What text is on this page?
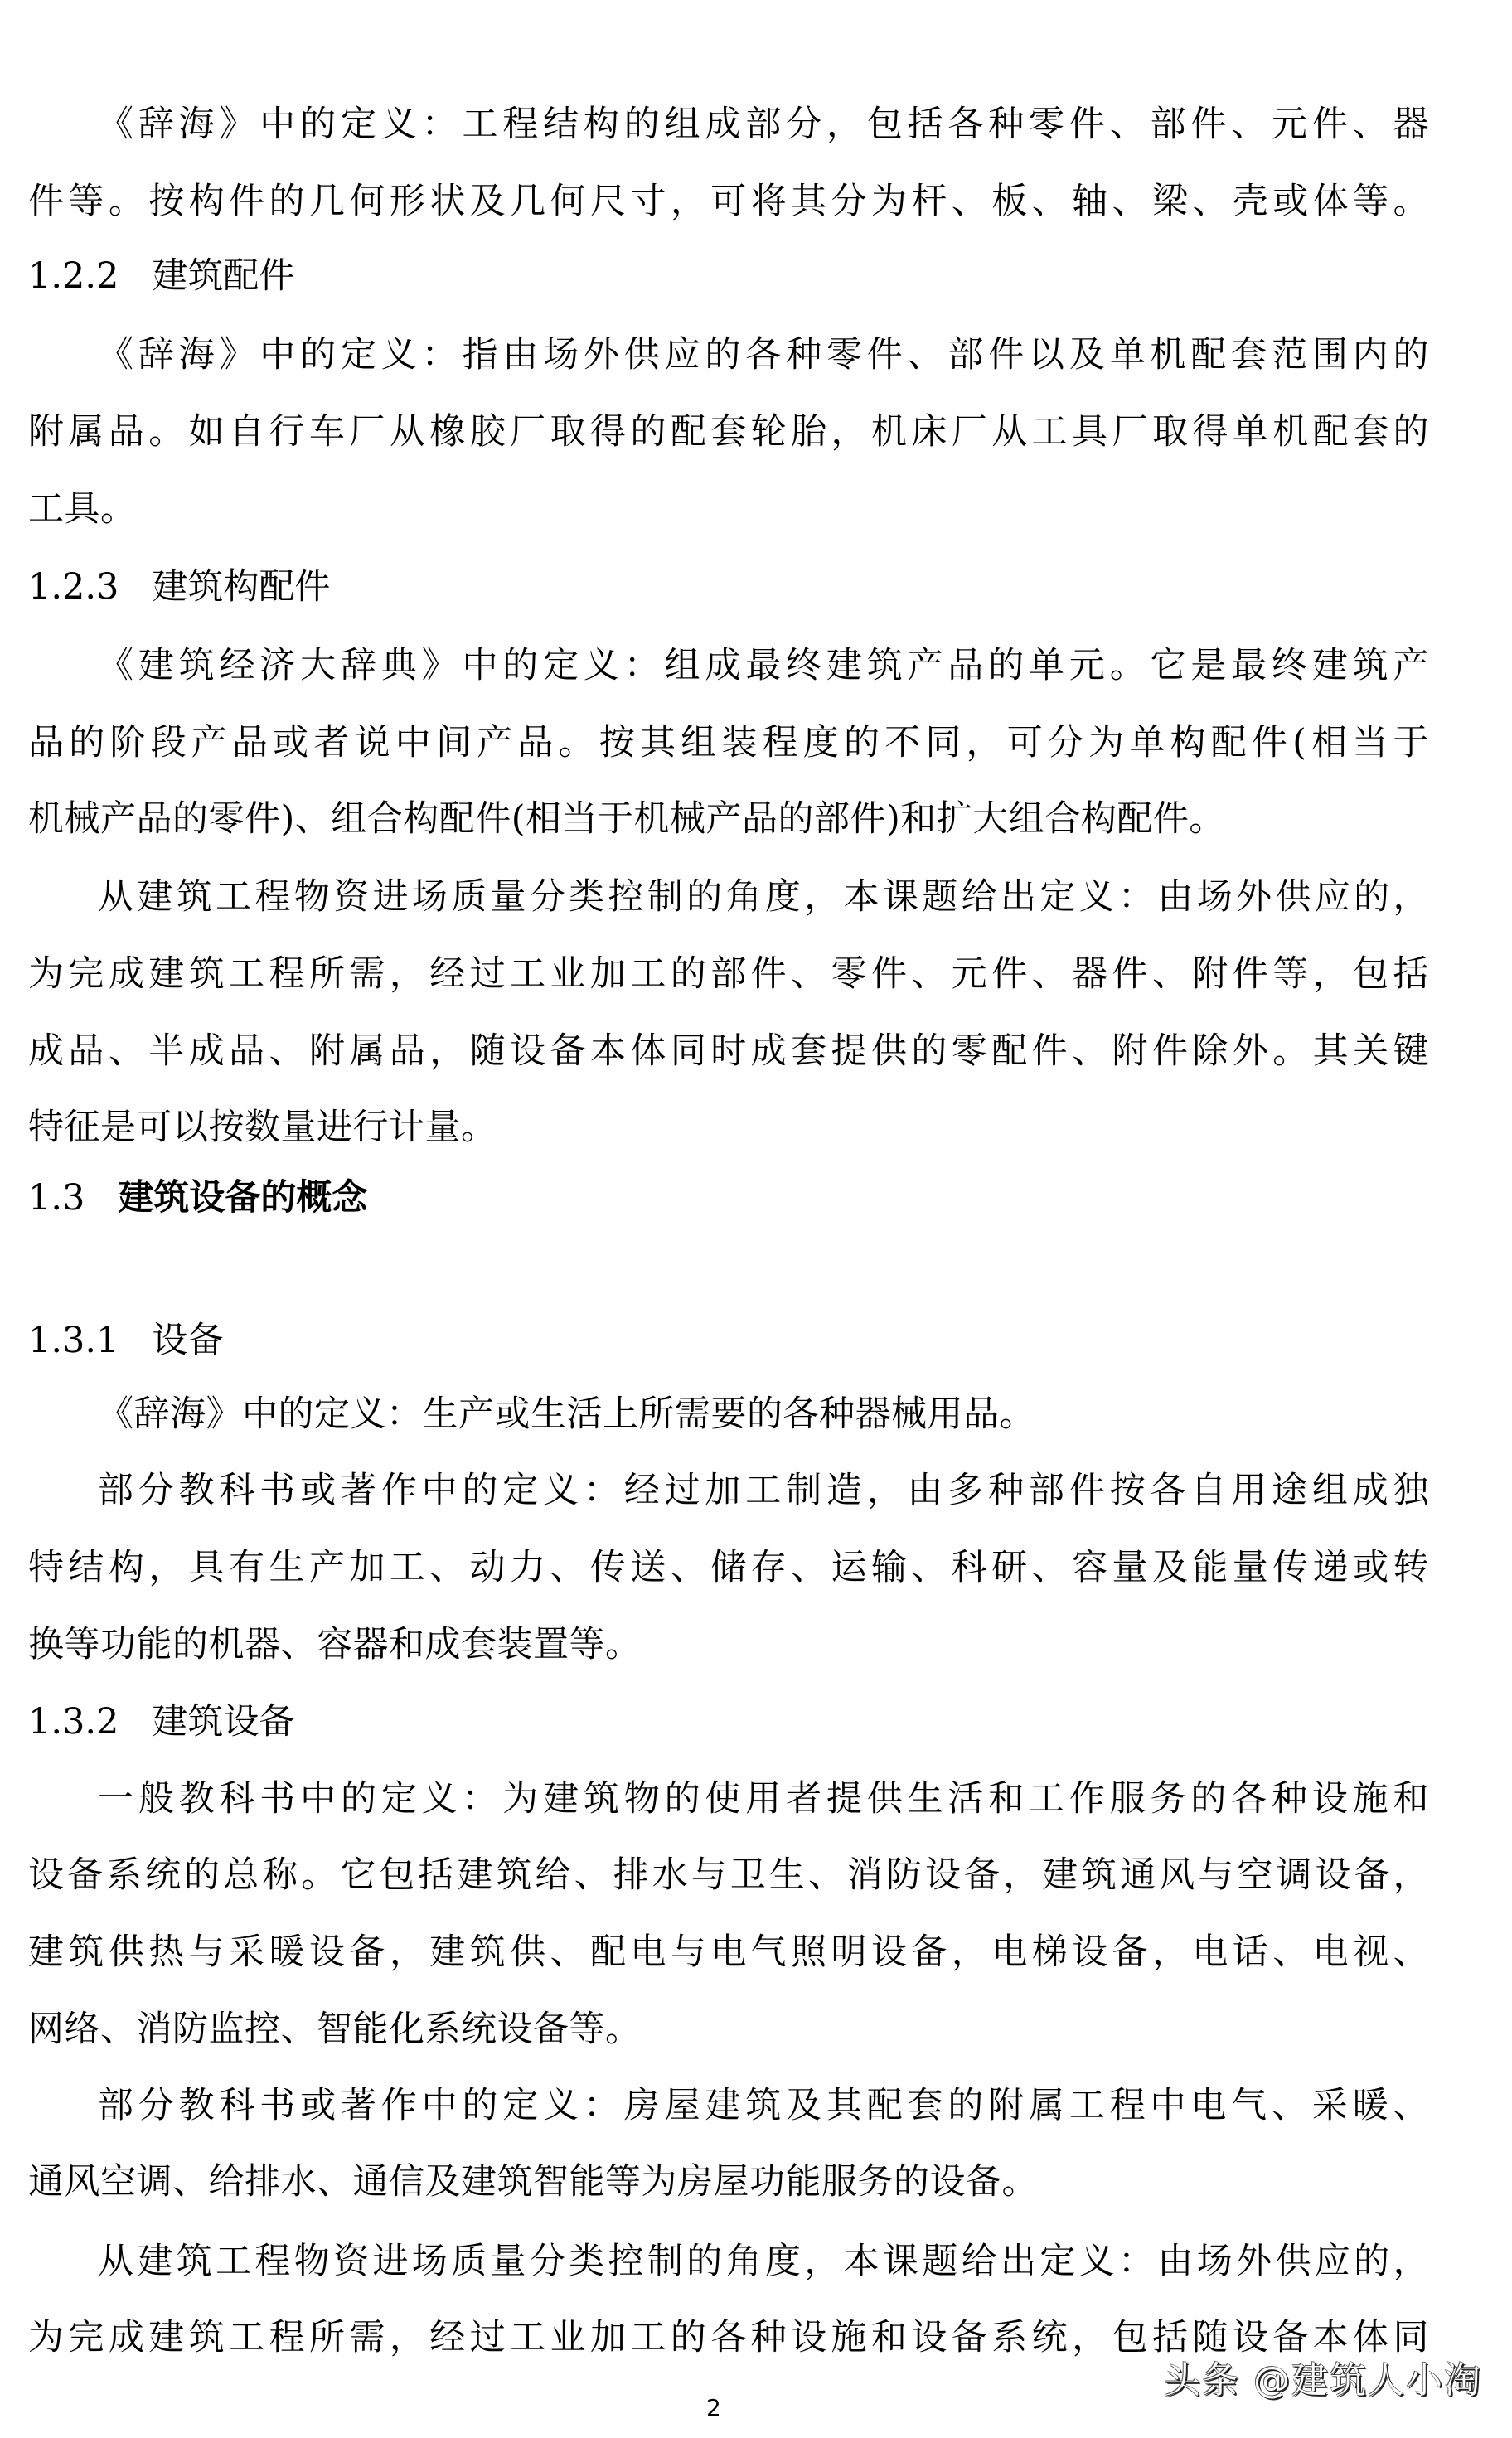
《辞海》中的定义：工程结构的组成部分，包括各种零件、部件、元件、器
件等。按构件的几何形状及几何尺寸，可将其分为杆、板、轴、梁、壳或体等。
1.2.2 建筑配件
《辞海》中的定义：指由场外供应的各种零件、部件以及单机配套范围内的
附属品。如自行车厂从橡胶厂取得的配套轮胎，机床厂从工具厂取得单机配套的
工具。
1.2.3 建筑构配件
《建筑经济大辞典》中的定义：组成最终建筑产品的单元。它是最终建筑产
品的阶段产品或者说中间产品。按其组装程度的不同，可分为单构配件(相当于
机械产品的零件)、组合构配件(相当于机械产品的部件)和扩大组合构配件。
从建筑工程物资进场质量分类控制的角度，本课题给出定义：由场外供应的，
为完成建筑工程所需，经过工业加工的部件、零件、元件、器件、附件等，包括
成品、半成品、附属品，随设备本体同时成套提供的零配件、附件除外。其关键
特征是可以按数量进行计量。
1.3 建筑设备的概念
1.3.1 设备
《辞海》中的定义：生产或生活上所需要的各种器械用品。
部分教科书或著作中的定义：经过加工制造，由多种部件按各自用途组成独
特结构，具有生产加工、动力、传送、储存、运输、科研、容量及能量传递或转
换等功能的机器、容器和成套装置等。
1.3.2 建筑设备
一般教科书中的定义：为建筑物的使用者提供生活和工作服务的各种设施和
设备系统的总称。它包括建筑给、排水与卫生、消防设备，建筑通风与空调设备，
建筑供热与采暖设备，建筑供、配电与电气照明设备，电梯设备，电话、电视、
网络、消防监控、智能化系统设备等。
部分教科书或著作中的定义：房屋建筑及其配套的附属工程中电气、采暖、
通风空调、给排水、通信及建筑智能等为房屋功能服务的设备。
从建筑工程物资进场质量分类控制的角度，本课题给出定义：由场外供应的，
为完成建筑工程所需，经过工业加工的各种设施和设备系统，包括随设备本体同
2
头条 @建筑人小淘
